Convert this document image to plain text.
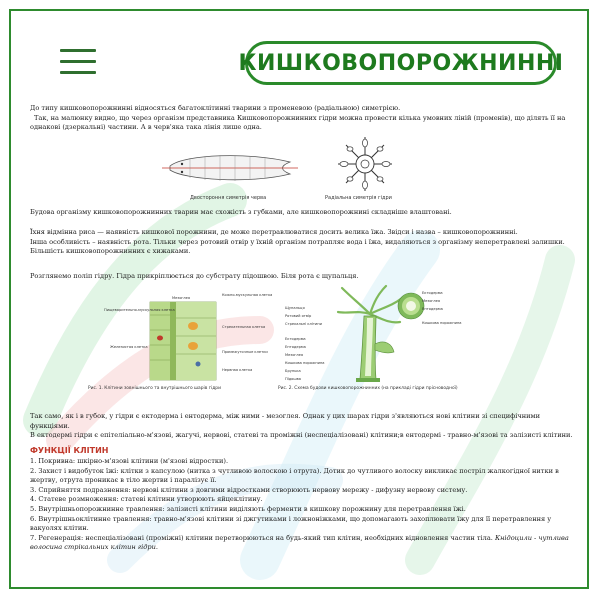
КИШКОВОПОРОЖНИННІ

До типу кишковопорожнинні відносяться багатоклітинні тварини з променевою (радіальною) симетрією.

Так, на малюнку видно, що через організм представника Кишковопорожнинних гідри можна провести кілька умовних ліній (променів), що ділять її на однакові (дзеркальні) частини. А в черв'яка така лінія лише одна.

Двостороння симетрія черва	Радіальна симетрія гідри

Будова організму кишковопорожнинних тварин має схожість з губками, але кишковопорожнині складніше влаштовані.

Їхня відмінна риса — наявність кишкової порожнини, де може перетравлюватися досить велика їжа. Звідси і назва – кишковопорожнинні.

Інша особливість – наявність рота. Тільки через ротовий отвір у їхній організм потрапляє вода і їжа, видаляються з організму неперетравлені залишки.

Більшість кишковопорожнинних є хижаками.

Розглянемо поліп гідру. Гідра прикріплюється до субстрату підошвою. Біля рота є щупальця.

Пищеварительно-мускульная клетка
Мезоглея
Кожно-мускульная клетка
Железистая клетка
Стрекательная клетка
Промежуточные клетки
Нервная клетка
Рис. 1. Клітини зовнішнього та внутрішнього шарів гідри
Щупальця
Ротовий отвір
Стрекальні клітини
Ектодерма
Ентодерма
Мезоглея
Кишкова порожнина
Брунька
Підошва
Ектодерма
Мезоглея
Ентодерма
Кишкова порожнина
Рис. 2. Схема будови кишковопорожнинних (на прикладі гідри прісноводної)

Так само, як і в губок, у гідри є ектодерма і ентодерма, між ними - мезоглея. Однак у цих шарах гідри з'являються нові клітини зі специфічними функціями.

В ектодермі гідри є епітеліально-м'язові, жагучі, нервові, статеві та проміжні (неспеціалізовані) клітини;в ентодермі - травно-м'язові та залізисті клітини.

ФУНКЦІЇ КЛІТИН

1. Покривна: шкірно-м'язові клітини (м'язові відростки).

2. Захист і видобуток їжі: клітки з капсулою (нитка з чутливою волоскою і отрута). Дотик до чутливого волоску викликає постріл жалкогідної нитки в жертву, отрута проникає в тіло жертви і паралізує її.

3. Сприйняття подразнення: нервові клітини з довгими відростками створюють нервову мережу - дифузну нервову систему.

4. Статеве розмноження: статеві клітини утворюють яйцеклітину.

5. Внутрішньопорожнинне травлення: залізисті клітини виділяють ферменти в кишкову порожнину для перетравлення їжі.

6. Внутрішньоклітинне травлення: травно-м'язові клітини зі джгутиками і ложноніжками, що допомагають захоплювати їжу для її перетравлення у вакуолях клітин.

7. Регенерація: неспеціалізовані (проміжні) клітини перетворюються на будь-який тип клітин, необхідних відновлення частин тіла. Кнідоцили - чутлива волосина стрікальних клітин гідри.
